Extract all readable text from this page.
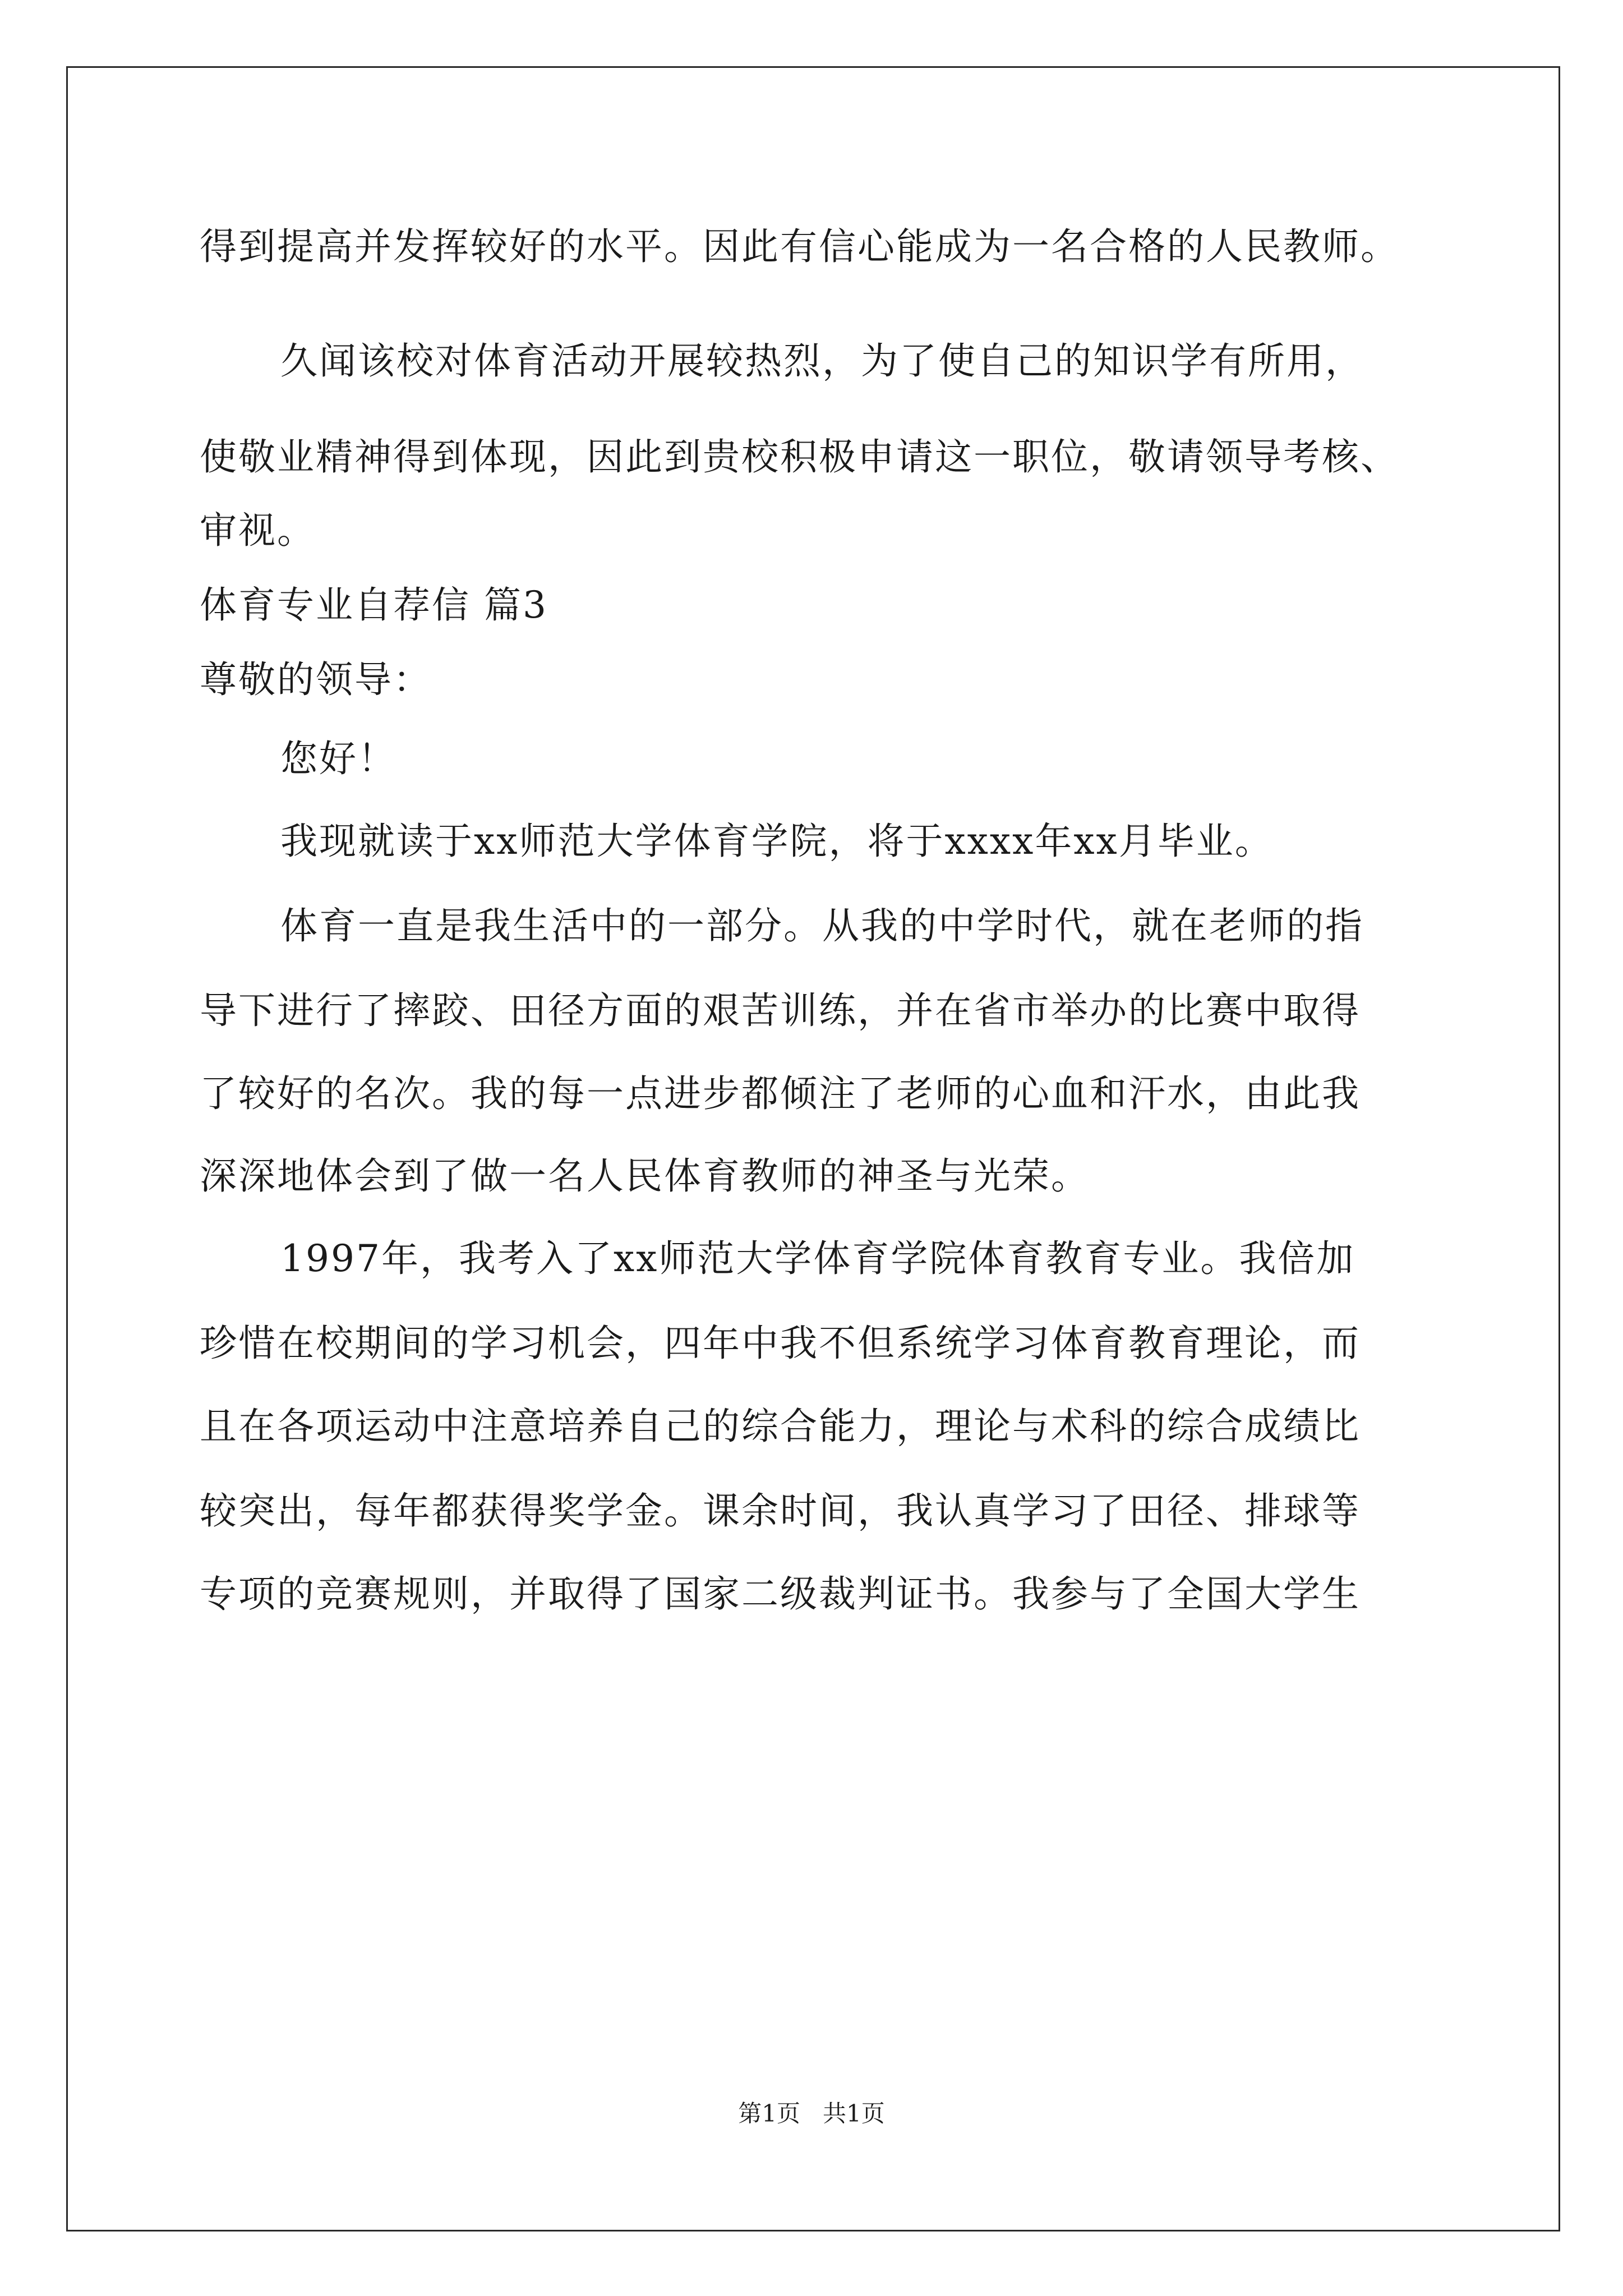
得到提高并发挥较好的水平。因此有信心能成为一名合格的人民教师。
久闻该校对体育活动开展较热烈，为了使自己的知识学有所用，
使敬业精神得到体现，因此到贵校积极申请这一职位，敬请领导考核、
审视。
体育专业自荐信 篇3
尊敬的领导：
您好！
我现就读于xx师范大学体育学院，将于xxxx年xx月毕业。
体育一直是我生活中的一部分。从我的中学时代，就在老师的指
导下进行了摔跤、田径方面的艰苦训练，并在省市举办的比赛中取得
了较好的名次。我的每一点进步都倾注了老师的心血和汗水，由此我
深深地体会到了做一名人民体育教师的神圣与光荣。
1997年，我考入了xx师范大学体育学院体育教育专业。我倍加
珍惜在校期间的学习机会，四年中我不但系统学习体育教育理论，而
且在各项运动中注意培养自己的综合能力，理论与术科的综合成绩比
较突出，每年都获得奖学金。课余时间，我认真学习了田径、排球等
专项的竞赛规则，并取得了国家二级裁判证书。我参与了全国大学生
第1页   共1页
